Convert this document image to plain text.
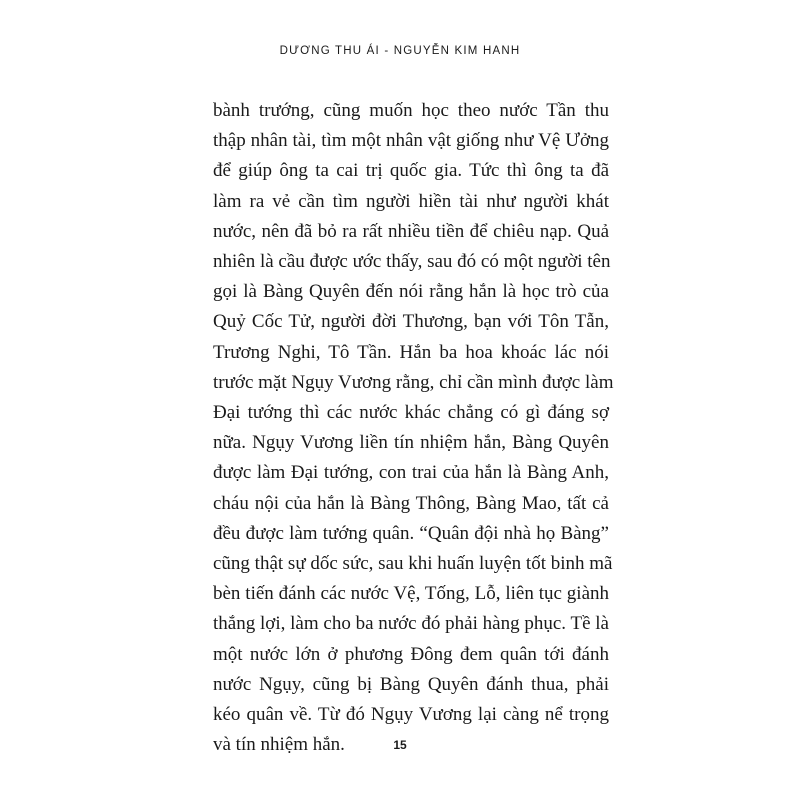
DƯƠNG THU ÁI - NGUYỄN KIM HANH

bành trướng, cũng muốn học theo nước Tần thu
thập nhân tài, tìm một nhân vật giống như Vệ Ưởng
để giúp ông ta cai trị quốc gia. Tức thì ông ta đã
làm ra vẻ cần tìm người hiền tài như người khát
nước, nên đã bỏ ra rất nhiều tiền để chiêu nạp. Quả
nhiên là cầu được ước thấy, sau đó có một người tên
gọi là Bàng Quyên đến nói rằng hắn là học trò của
Quỷ Cốc Tử, người đời Thương, bạn với Tôn Tẫn,
Trương Nghi, Tô Tần. Hắn ba hoa khoác lác nói
trước mặt Ngụy Vương rằng, chỉ cần mình được làm
Đại tướng thì các nước khác chẳng có gì đáng sợ
nữa. Ngụy Vương liền tín nhiệm hắn, Bàng Quyên
được làm Đại tướng, con trai của hắn là Bàng Anh,
cháu nội của hắn là Bàng Thông, Bàng Mao, tất cả
đều được làm tướng quân. “Quân đội nhà họ Bàng”
cũng thật sự dốc sức, sau khi huấn luyện tốt binh mã
bèn tiến đánh các nước Vệ, Tống, Lỗ, liên tục giành
thắng lợi, làm cho ba nước đó phải hàng phục. Tề là
một nước lớn ở phương Đông đem quân tới đánh
nước Ngụy, cũng bị Bàng Quyên đánh thua, phải
kéo quân về. Từ đó Ngụy Vương lại càng nể trọng
và tín nhiệm hắn.	15
